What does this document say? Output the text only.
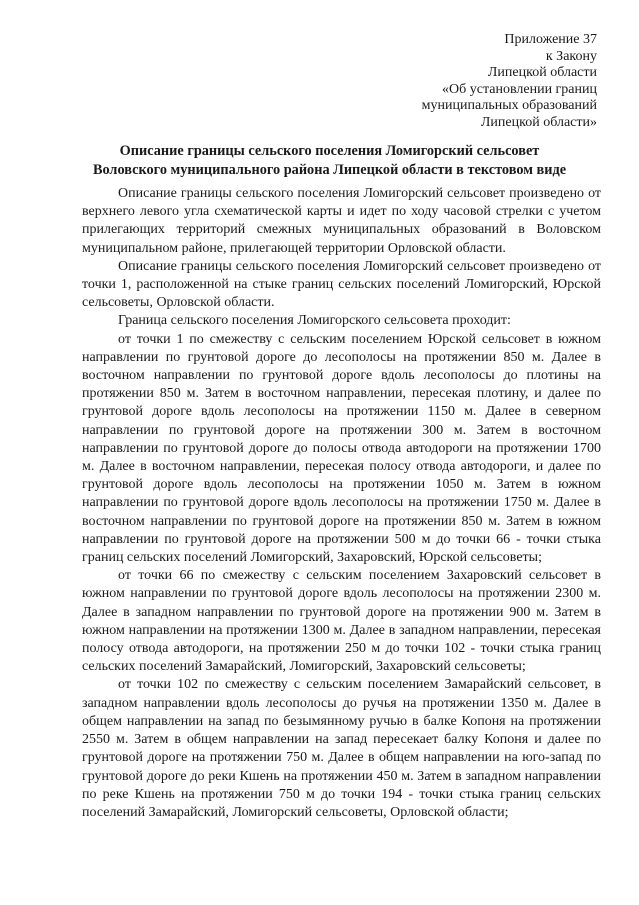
Приложение 37
к Закону
Липецкой области
«Об установлении границ
муниципальных образований
Липецкой области»
Описание границы сельского поселения Ломигорский сельсовет
Воловского муниципального района Липецкой области в текстовом виде

Описание границы сельского поселения Ломигорский сельсовет произведено от верхнего левого угла схематической карты и идет по ходу часовой стрелки с учетом прилегающих территорий смежных муниципальных образований в Воловском муниципальном районе, прилегающей территории Орловской области.

Описание границы сельского поселения Ломигорский сельсовет произведено от точки 1, расположенной на стыке границ сельских поселений Ломигорский, Юрской сельсоветы, Орловской области.

Граница сельского поселения Ломигорского сельсовета проходит:

от точки 1 по смежеству с сельским поселением Юрской сельсовет в южном направлении по грунтовой дороге до лесополосы на протяжении 850 м. Далее в восточном направлении по грунтовой дороге вдоль лесополосы до плотины на протяжении 850 м. Затем в восточном направлении, пересекая плотину, и далее по грунтовой дороге вдоль лесополосы на протяжении 1150 м. Далее в северном направлении по грунтовой дороге на протяжении 300 м. Затем в восточном направлении по грунтовой дороге до полосы отвода автодороги на протяжении 1700 м. Далее в восточном направлении, пересекая полосу отвода автодороги, и далее по грунтовой дороге вдоль лесополосы на протяжении 1050 м. Затем в южном направлении по грунтовой дороге вдоль лесополосы на протяжении 1750 м. Далее в восточном направлении по грунтовой дороге на протяжении 850 м. Затем в южном направлении по грунтовой дороге на протяжении 500 м до точки 66 - точки стыка границ сельских поселений Ломигорский, Захаровский, Юрской сельсоветы;

от точки 66 по смежеству с сельским поселением Захаровский сельсовет в южном направлении по грунтовой дороге вдоль лесополосы на протяжении 2300 м. Далее в западном направлении по грунтовой дороге на протяжении 900 м. Затем в южном направлении на протяжении 1300 м. Далее в западном направлении, пересекая полосу отвода автодороги, на протяжении 250 м до точки 102 - точки стыка границ сельских поселений Замарайский, Ломигорский, Захаровский сельсоветы;

от точки 102 по смежеству с сельским поселением Замарайский сельсовет, в западном направлении вдоль лесополосы до ручья на протяжении 1350 м. Далее в общем направлении на запад по безымянному ручью в балке Копоня на протяжении 2550 м. Затем в общем направлении на запад пересекает балку Копоня и далее по грунтовой дороге на протяжении 750 м. Далее в общем направлении на юго-запад по грунтовой дороге до реки Кшень на протяжении 450 м. Затем в западном направлении по реке Кшень на протяжении 750 м до точки 194 - точки стыка границ сельских поселений Замарайский, Ломигорский сельсоветы, Орловской области;
